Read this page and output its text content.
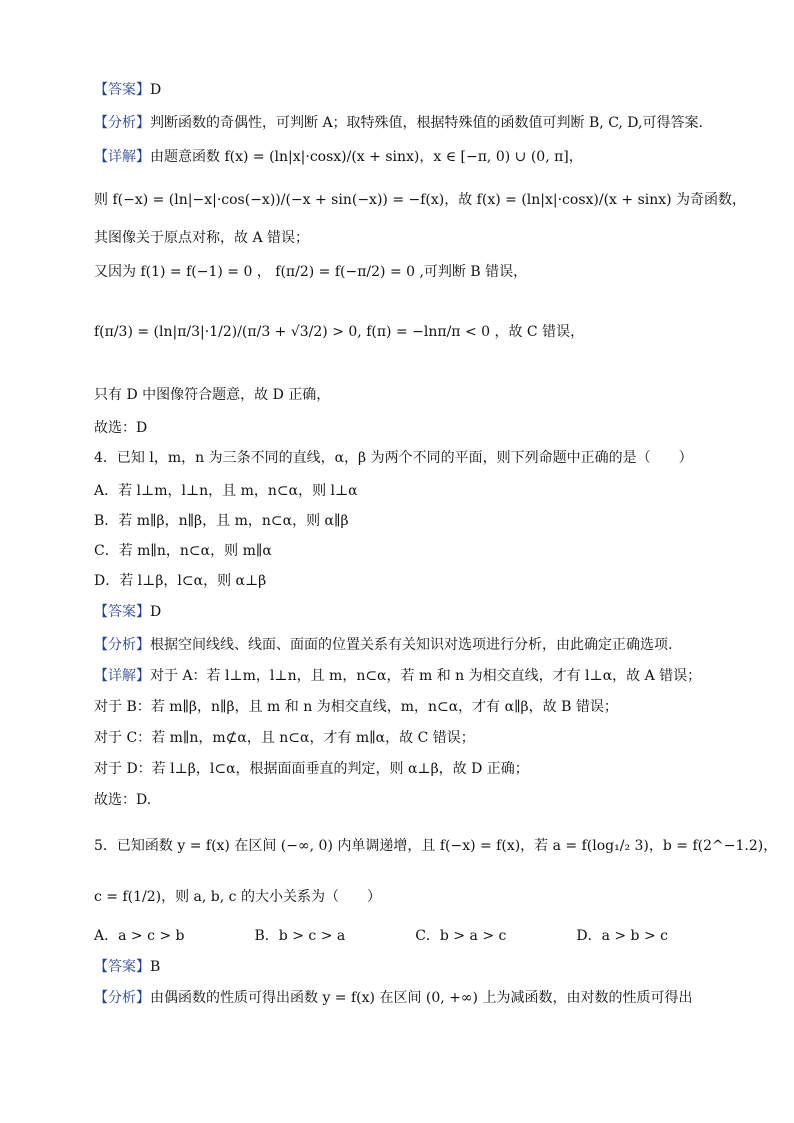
【答案】D
【分析】判断函数的奇偶性，可判断 A；取特殊值，根据特殊值的函数值可判断 B, C, D,可得答案.
【详解】由题意函数 f(x) = (ln|x|·cosx)/(x + sinx)，x ∈ [−π, 0) ∪ (0, π]，
则 f(−x) = (ln|−x|·cos(−x))/(−x + sin(−x)) = −f(x)，故 f(x) = (ln|x|·cosx)/(x + sinx) 为奇函数，
其图像关于原点对称，故 A 错误；
又因为 f(1) = f(−1) = 0 ， f(π/2) = f(−π/2) = 0 ,可判断 B 错误，
f(π/3) = (ln|π/3|·1/2)/(π/3 + √3/2) > 0, f(π) = −lnπ/π < 0 ，故 C 错误，
只有 D 中图像符合题意，故 D 正确，
故选：D
4．已知 l，m，n 为三条不同的直线，α，β 为两个不同的平面，则下列命题中正确的是（　　）
A．若 l⊥m，l⊥n，且 m，n⊂α，则 l⊥α
B．若 m∥β，n∥β，且 m，n⊂α，则 α∥β
C．若 m∥n，n⊂α，则 m∥α
D．若 l⊥β，l⊂α，则 α⊥β
【答案】D
【分析】根据空间线线、线面、面面的位置关系有关知识对选项进行分析，由此确定正确选项.
【详解】对于 A：若 l⊥m，l⊥n，且 m，n⊂α，若 m 和 n 为相交直线，才有 l⊥α，故 A 错误；
对于 B：若 m∥β，n∥β，且 m 和 n 为相交直线，m，n⊂α，才有 α∥β，故 B 错误；
对于 C：若 m∥n，m⊄α，且 n⊂α，才有 m∥α，故 C 错误；
对于 D：若 l⊥β，l⊂α，根据面面垂直的判定，则 α⊥β，故 D 正确；
故选：D.
5．已知函数 y = f(x) 在区间 (−∞, 0) 内单调递增，且 f(−x) = f(x)，若 a = f(log₁/₂ 3)，b = f(2^−1.2)，
c = f(1/2)，则 a, b, c 的大小关系为（　　）
A．a > c > b　　　　　B．b > c > a　　　　　C．b > a > c　　　　　D．a > b > c
【答案】B
【分析】由偶函数的性质可得出函数 y = f(x) 在区间 (0, +∞) 上为减函数，由对数的性质可得出
